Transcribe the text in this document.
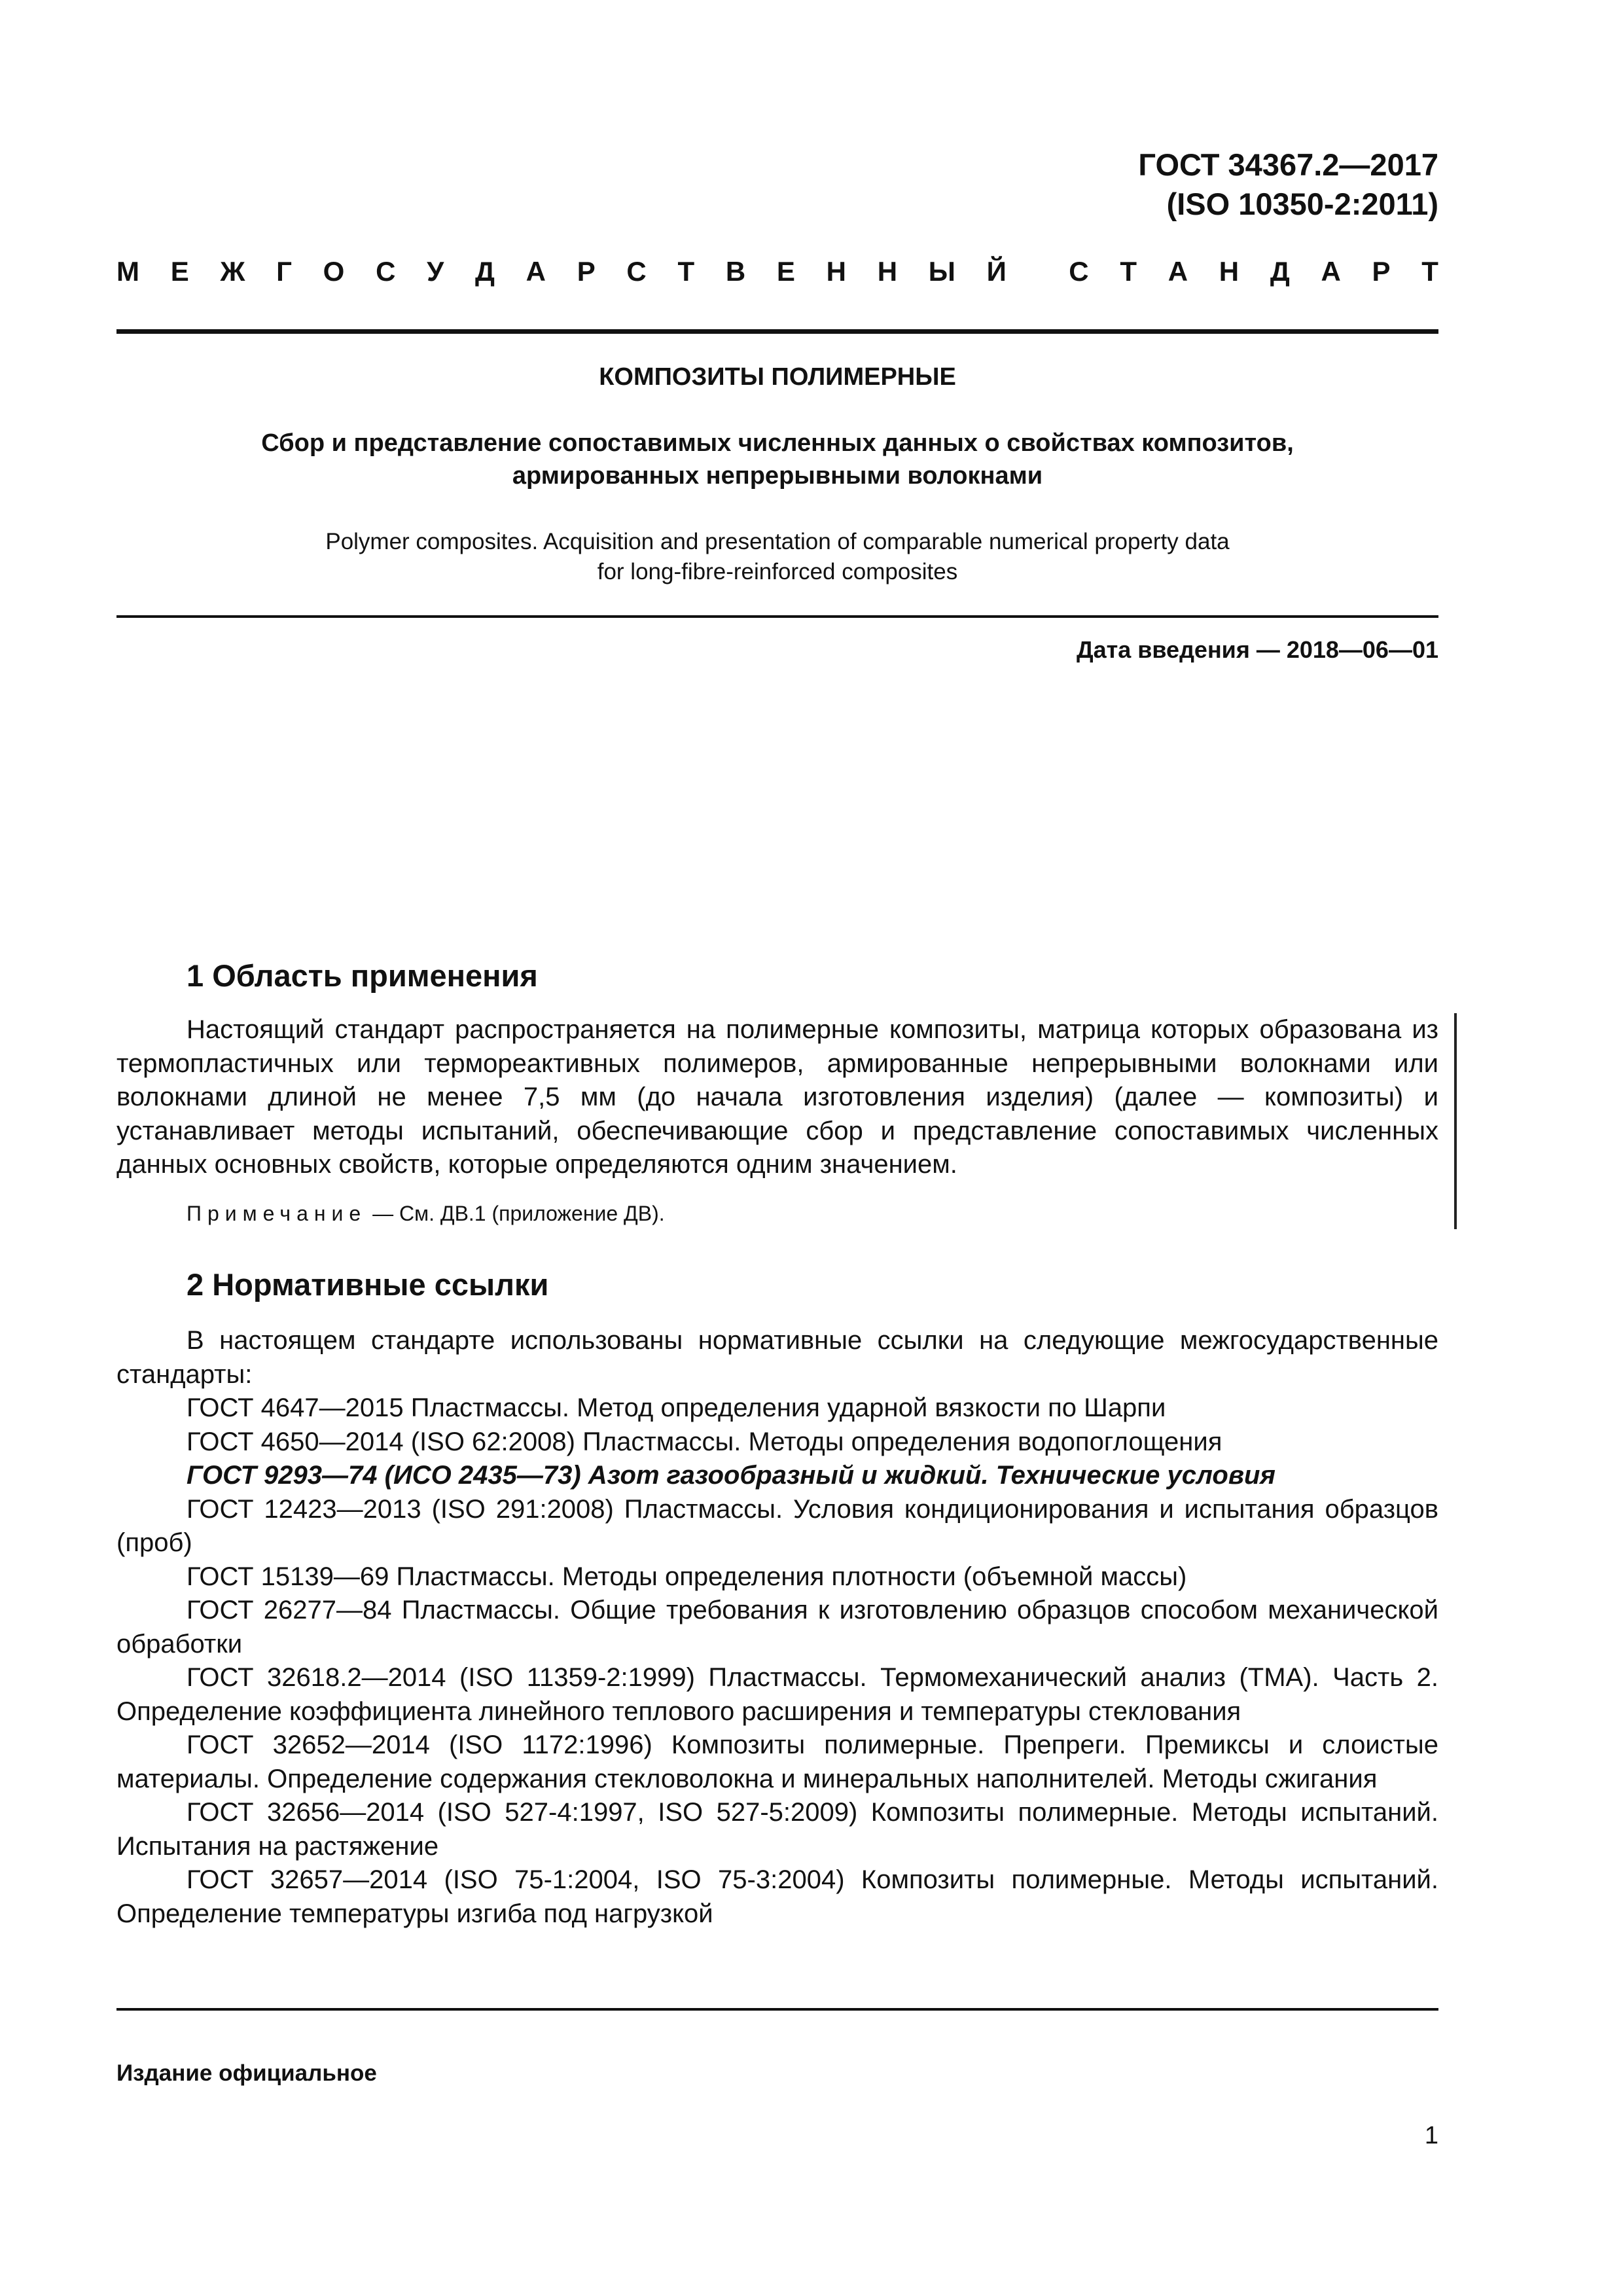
ГОСТ 34367.2—2017
(ISO 10350-2:2011)
М Е Ж Г О С У Д А Р С Т В Е Н Н Ы Й С Т А Н Д А Р Т
КОМПОЗИТЫ ПОЛИМЕРНЫЕ
Сбор и представление сопоставимых численных данных о свойствах композитов,
армированных непрерывными волокнами
Polymer composites. Acquisition and presentation of comparable numerical property data
for long-fibre-reinforced composites
Дата введения — 2018—06—01
1 Область применения

Настоящий стандарт распространяется на полимерные композиты, матрица которых образована из термопластичных или термореактивных полимеров, армированные непрерывными волокнами или волокнами длиной не менее 7,5 мм (до начала изготовления изделия) (далее — композиты) и устанавливает методы испытаний, обеспечивающие сбор и представление сопоставимых численных данных основных свойств, которые определяются одним значением.

Примечание — См. ДВ.1 (приложение ДВ).
2 Нормативные ссылки

В настоящем стандарте использованы нормативные ссылки на следующие межгосударственные стандарты:

ГОСТ 4647—2015 Пластмассы. Метод определения ударной вязкости по Шарпи

ГОСТ 4650—2014 (ISO 62:2008) Пластмассы. Методы определения водопоглощения

ГОСТ 9293—74 (ИСО 2435—73) Азот газообразный и жидкий. Технические условия

ГОСТ 12423—2013 (ISO 291:2008) Пластмассы. Условия кондиционирования и испытания образцов (проб)

ГОСТ 15139—69 Пластмассы. Методы определения плотности (объемной массы)

ГОСТ 26277—84 Пластмассы. Общие требования к изготовлению образцов способом механической обработки

ГОСТ 32618.2—2014 (ISO 11359-2:1999) Пластмассы. Термомеханический анализ (ТМА). Часть 2. Определение коэффициента линейного теплового расширения и температуры стеклования

ГОСТ 32652—2014 (ISO 1172:1996) Композиты полимерные. Препреги. Премиксы и слоистые материалы. Определение содержания стекловолокна и минеральных наполнителей. Методы сжигания

ГОСТ 32656—2014 (ISO 527-4:1997, ISO 527-5:2009) Композиты полимерные. Методы испытаний. Испытания на растяжение

ГОСТ 32657—2014 (ISO 75-1:2004, ISO 75-3:2004) Композиты полимерные. Методы испытаний. Определение температуры изгиба под нагрузкой

Издание официальное
1
